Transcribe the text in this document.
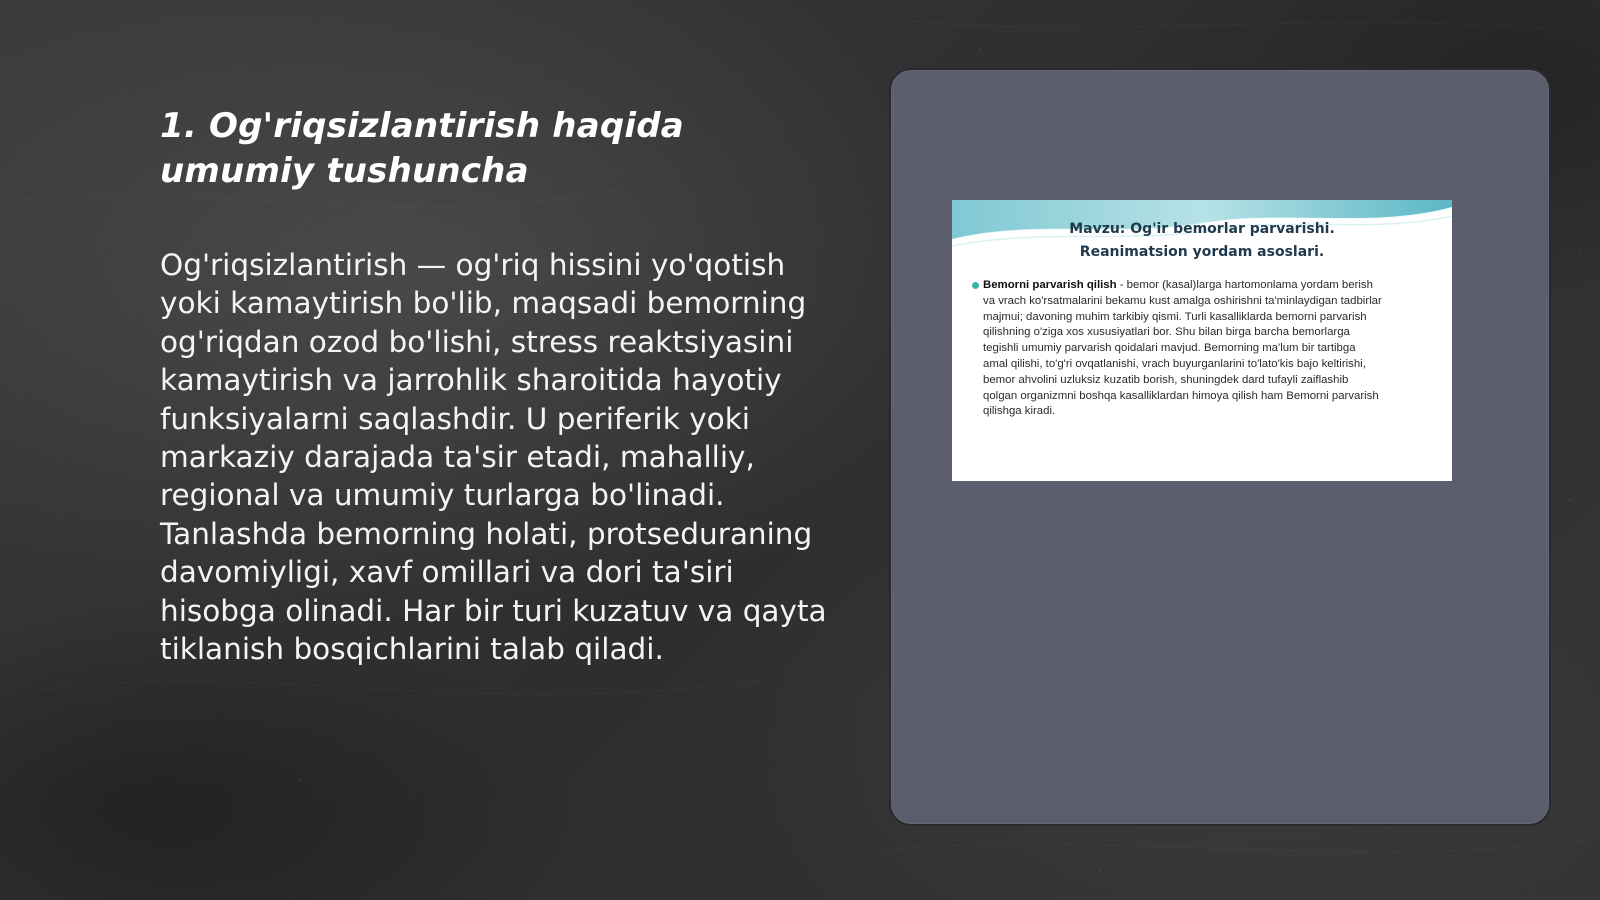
1. Og'riqsizlantirish haqida umumiy tushuncha

Og'riqsizlantirish — og'riq hissini yo'qotish yoki kamaytirish bo'lib, maqsadi bemorning og'riqdan ozod bo'lishi, stress reaktsiyasini kamaytirish va jarrohlik sharoitida hayotiy funksiyalarni saqlashdir. U periferik yoki markaziy darajada ta'sir etadi, mahalliy, regional va umumiy turlarga bo'linadi. Tanlashda bemorning holati, protseduraning davomiyligi, xavf omillari va dori ta'siri hisobga olinadi. Har bir turi kuzatuv va qayta tiklanish bosqichlarini talab qiladi.

Mavzu: Og'ir bemorlar parvarishi.
Reanimatsion yordam asoslari.
Bemorni parvarish qilish - bemor (kasal)larga hartomonlama yordam berish va vrach ko'rsatmalarini bekamu kust amalga oshirishni ta'minlaydigan tadbirlar majmui; davoning muhim tarkibiy qismi. Turli kasalliklarda bemorni parvarish qilishning o'ziga xos xususiyatlari bor. Shu bilan birga barcha bemorlarga tegishli umumiy parvarish qoidalari mavjud. Bemorning ma'lum bir tartibga amal qilishi, to'g'ri ovqatlanishi, vrach buyurganlarini to'lato'kis bajo keltirishi, bemor ahvolini uzluksiz kuzatib borish, shuningdek dard tufayli zaiflashib qolgan organizmni boshqa kasalliklardan himoya qilish ham Bemorni parvarish qilishga kiradi.
